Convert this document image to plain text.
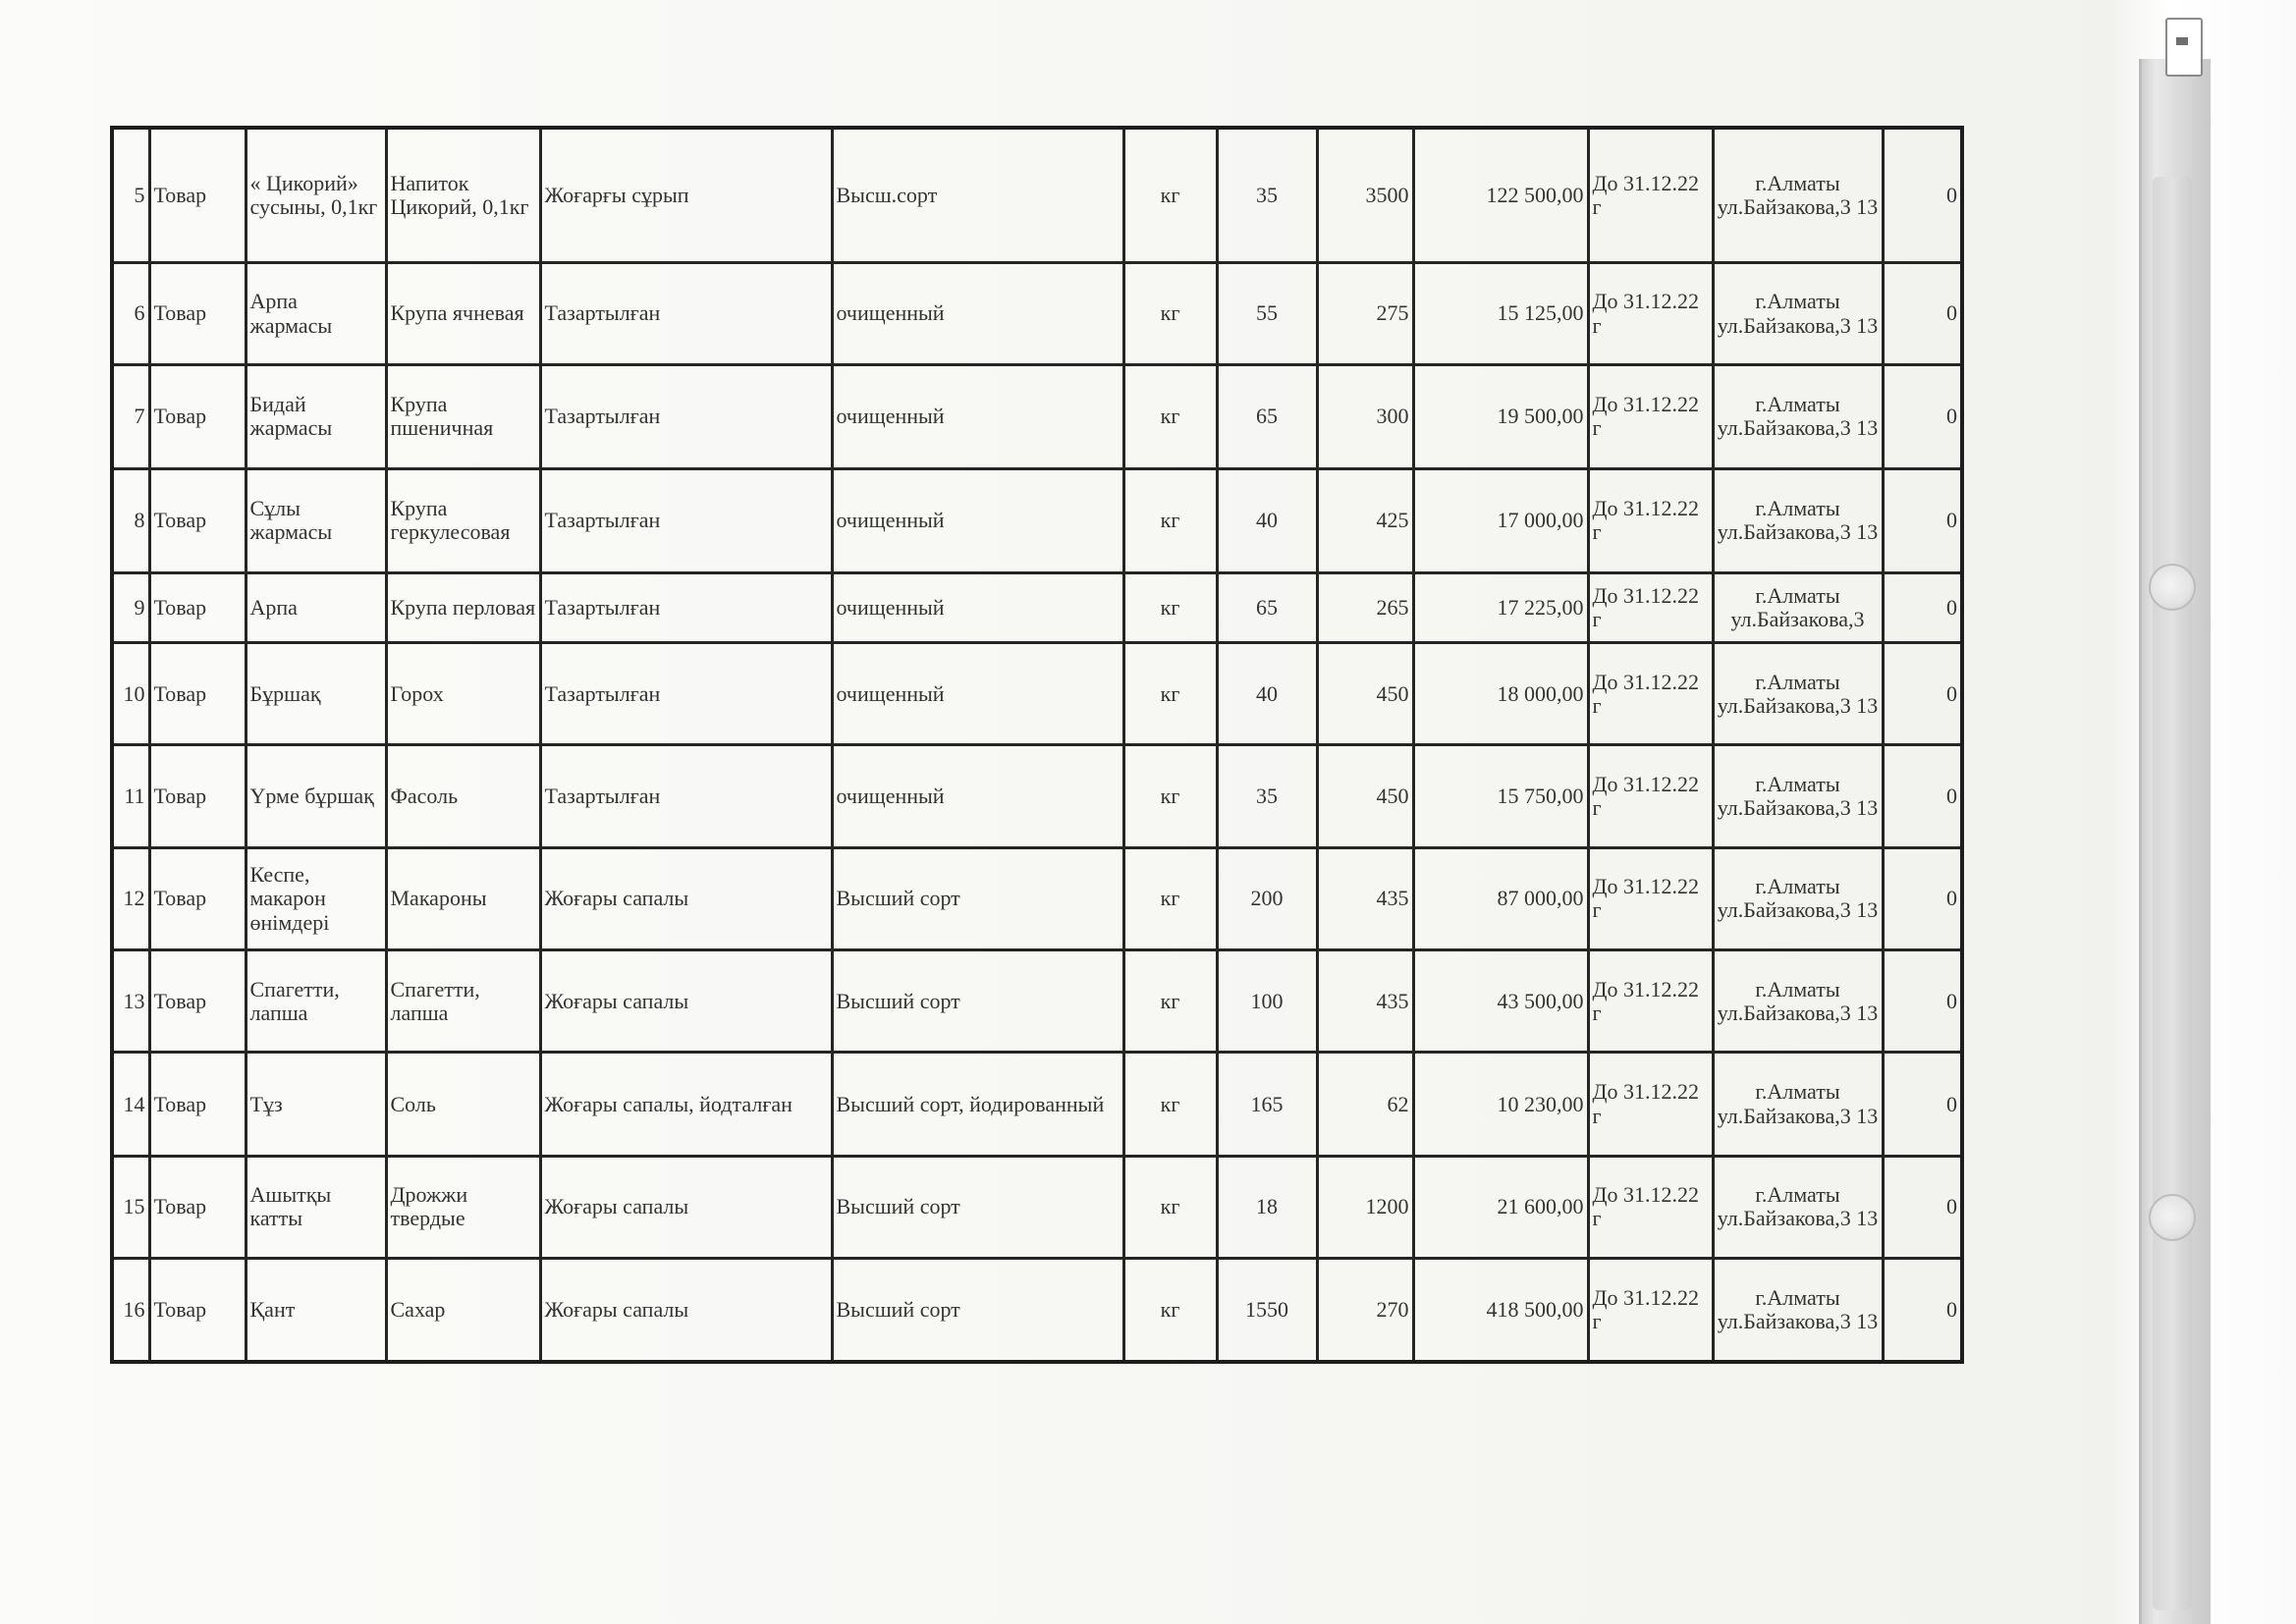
5	Товар	« Цикорий» сусыны, 0,1кг	Напиток Цикорий, 0,1кг	Жоғарғы сұрып	Высш.сорт	кг	35	3500	122 500,00	До 31.12.22 г	г.Алматы ул.Байзакова,3 13	0
6	Товар	Арпа жармасы	Крупа ячневая	Тазартылған	очищенный	кг	55	275	15 125,00	До 31.12.22 г	г.Алматы ул.Байзакова,3 13	0
7	Товар	Бидай жармасы	Крупа пшеничная	Тазартылған	очищенный	кг	65	300	19 500,00	До 31.12.22 г	г.Алматы ул.Байзакова,3 13	0
8	Товар	Сұлы жармасы	Крупа геркулесовая	Тазартылған	очищенный	кг	40	425	17 000,00	До 31.12.22 г	г.Алматы ул.Байзакова,3 13	0
9	Товар	Арпа	Крупа перловая	Тазартылған	очищенный	кг	65	265	17 225,00	До 31.12.22 г	г.Алматы ул.Байзакова,3	0
10	Товар	Бұршақ	Горох	Тазартылған	очищенный	кг	40	450	18 000,00	До 31.12.22 г	г.Алматы ул.Байзакова,3 13	0
11	Товар	Үрме бұршақ	Фасоль	Тазартылған	очищенный	кг	35	450	15 750,00	До 31.12.22 г	г.Алматы ул.Байзакова,3 13	0
12	Товар	Кеспе, макарон өнімдері	Макароны	Жоғары сапалы	Высший сорт	кг	200	435	87 000,00	До 31.12.22 г	г.Алматы ул.Байзакова,3 13	0
13	Товар	Спагетти, лапша	Спагетти, лапша	Жоғары сапалы	Высший сорт	кг	100	435	43 500,00	До 31.12.22 г	г.Алматы ул.Байзакова,3 13	0
14	Товар	Тұз	Соль	Жоғары сапалы, йодталған	Высший сорт, йодированный	кг	165	62	10 230,00	До 31.12.22 г	г.Алматы ул.Байзакова,3 13	0
15	Товар	Ашытқы катты	Дрожжи твердые	Жоғары сапалы	Высший сорт	кг	18	1200	21 600,00	До 31.12.22 г	г.Алматы ул.Байзакова,3 13	0
16	Товар	Қант	Сахар	Жоғары сапалы	Высший сорт	кг	1550	270	418 500,00	До 31.12.22 г	г.Алматы ул.Байзакова,3 13	0
